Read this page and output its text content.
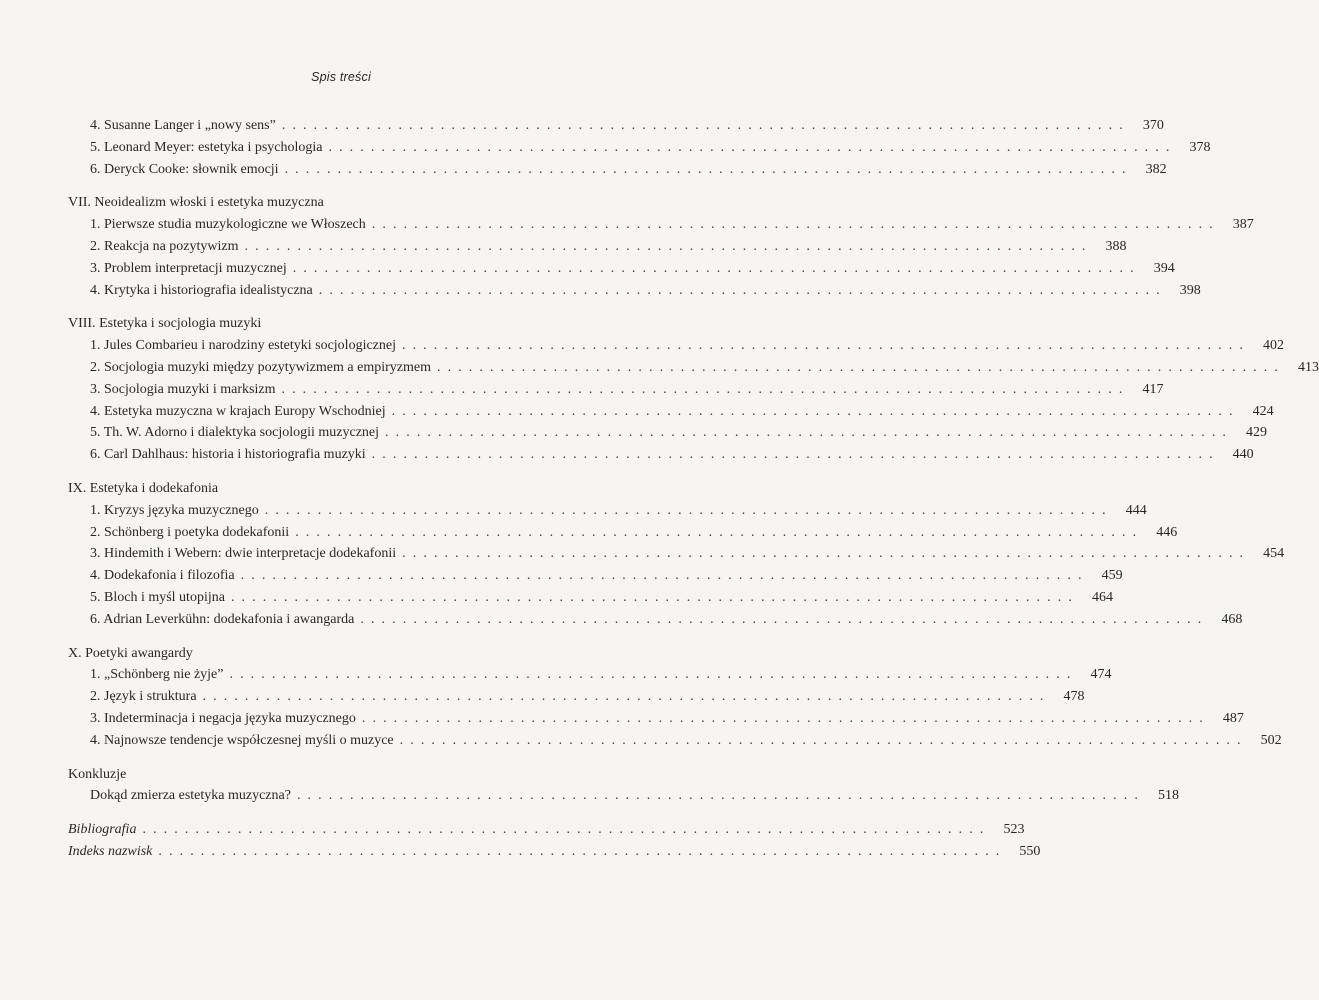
Spis treści
4. Susanne Langer i „nowy sens” ................................................................................ 370
5. Leonard Meyer: estetyka i psychologia ................................................................................ 378
6. Deryck Cooke: słownik emocji ................................................................................ 382
VII. Neoidealizm włoski i estetyka muzyczna
1. Pierwsze studia muzykologiczne we Włoszech ................................................................................ 387
2. Reakcja na pozytywizm ................................................................................ 388
3. Problem interpretacji muzycznej ................................................................................ 394
4. Krytyka i historiografia idealistyczna ................................................................................ 398
VIII. Estetyka i socjologia muzyki
1. Jules Combarieu i narodziny estetyki socjologicznej ................................................................................ 402
2. Socjologia muzyki między pozytywizmem a empiryzmem ................................................................................ 413
3. Socjologia muzyki i marksizm ................................................................................ 417
4. Estetyka muzyczna w krajach Europy Wschodniej ................................................................................ 424
5. Th. W. Adorno i dialektyka socjologii muzycznej ................................................................................ 429
6. Carl Dahlhaus: historia i historiografia muzyki ................................................................................ 440
IX. Estetyka i dodekafonia
1. Kryzys języka muzycznego ................................................................................ 444
2. Schönberg i poetyka dodekafonii ................................................................................ 446
3. Hindemith i Webern: dwie interpretacje dodekafonii ................................................................................ 454
4. Dodekafonia i filozofia ................................................................................ 459
5. Bloch i myśl utopijna ................................................................................ 464
6. Adrian Leverkühn: dodekafonia i awangarda ................................................................................ 468
X. Poetyki awangardy
1. „Schönberg nie żyje” ................................................................................ 474
2. Język i struktura ................................................................................ 478
3. Indeterminacja i negacja języka muzycznego ................................................................................ 487
4. Najnowsze tendencje współczesnej myśli o muzyce ................................................................................ 502
Konkluzje
Dokąd zmierza estetyka muzyczna? ................................................................................ 518
Bibliografia ................................................................................ 523
Indeks nazwisk ................................................................................ 550
